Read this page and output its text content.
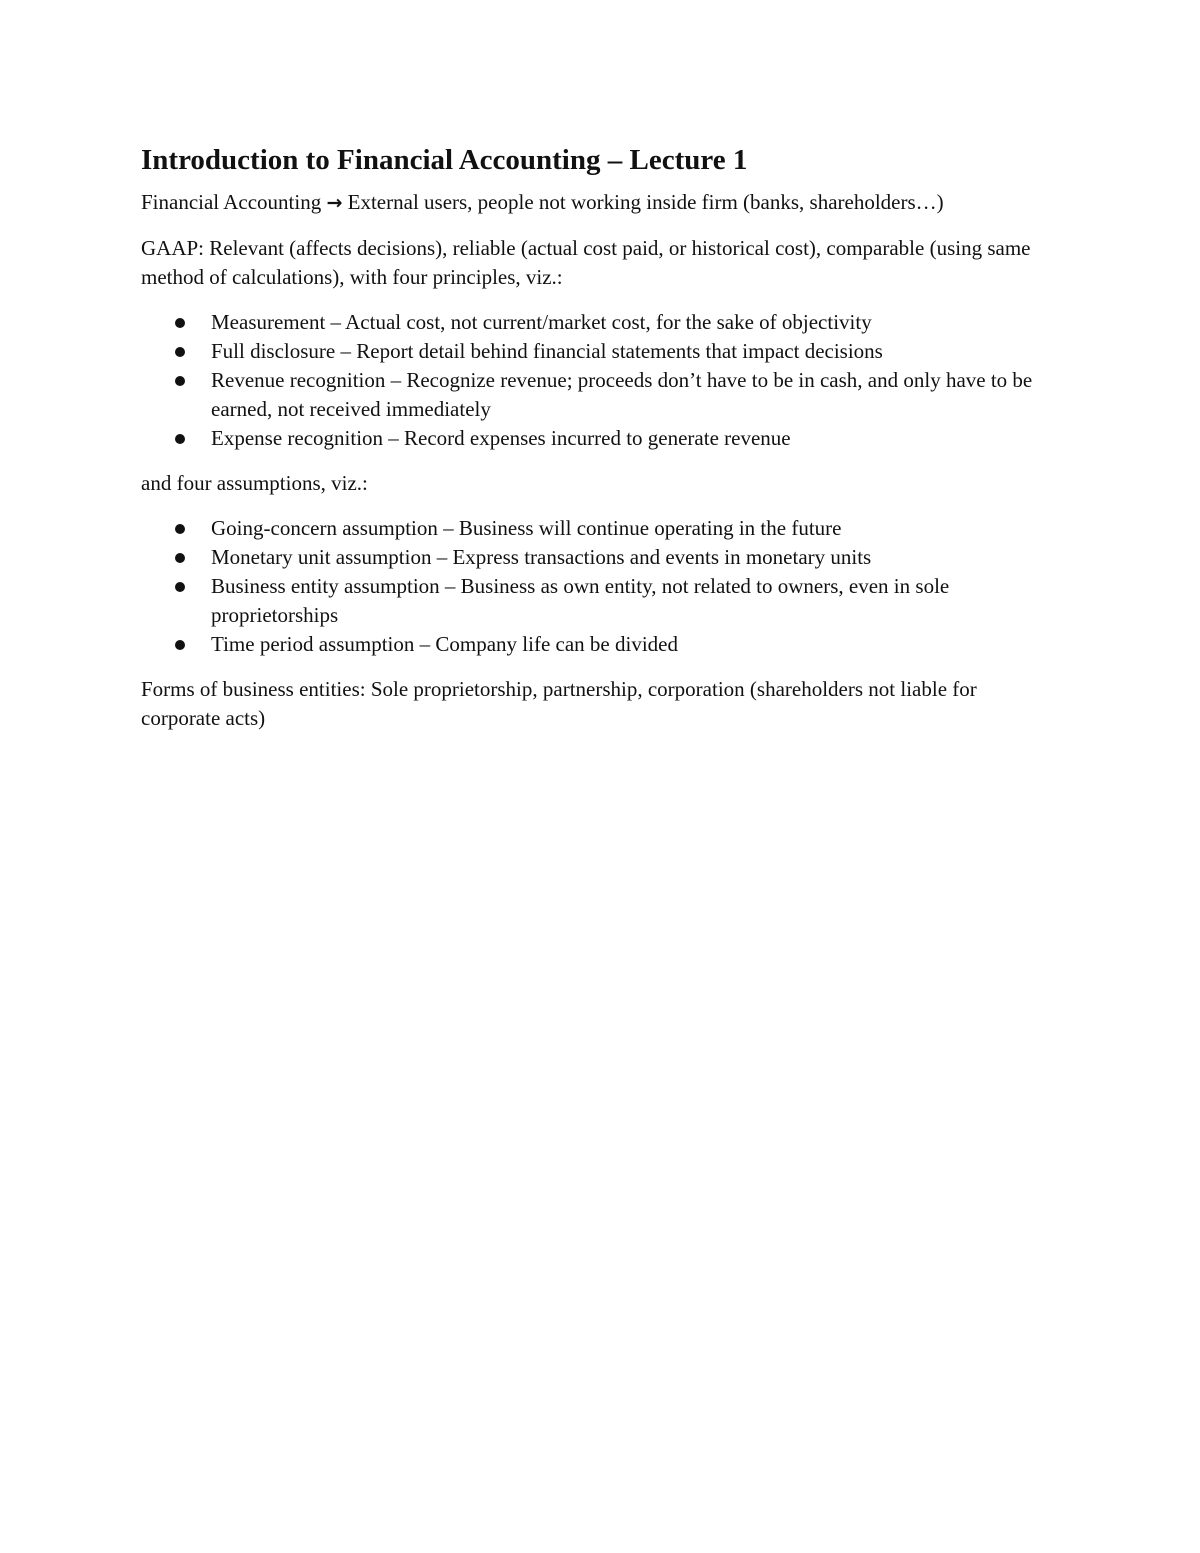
Introduction to Financial Accounting – Lecture 1

Financial Accounting → External users, people not working inside firm (banks, shareholders…)

GAAP: Relevant (affects decisions), reliable (actual cost paid, or historical cost), comparable (using same method of calculations), with four principles, viz.:

Measurement – Actual cost, not current/market cost, for the sake of objectivity
Full disclosure – Report detail behind financial statements that impact decisions
Revenue recognition – Recognize revenue; proceeds don’t have to be in cash, and only have to be earned, not received immediately
Expense recognition – Record expenses incurred to generate revenue

and four assumptions, viz.:

Going-concern assumption – Business will continue operating in the future
Monetary unit assumption – Express transactions and events in monetary units
Business entity assumption – Business as own entity, not related to owners, even in sole proprietorships
Time period assumption – Company life can be divided

Forms of business entities: Sole proprietorship, partnership, corporation (shareholders not liable for corporate acts)
